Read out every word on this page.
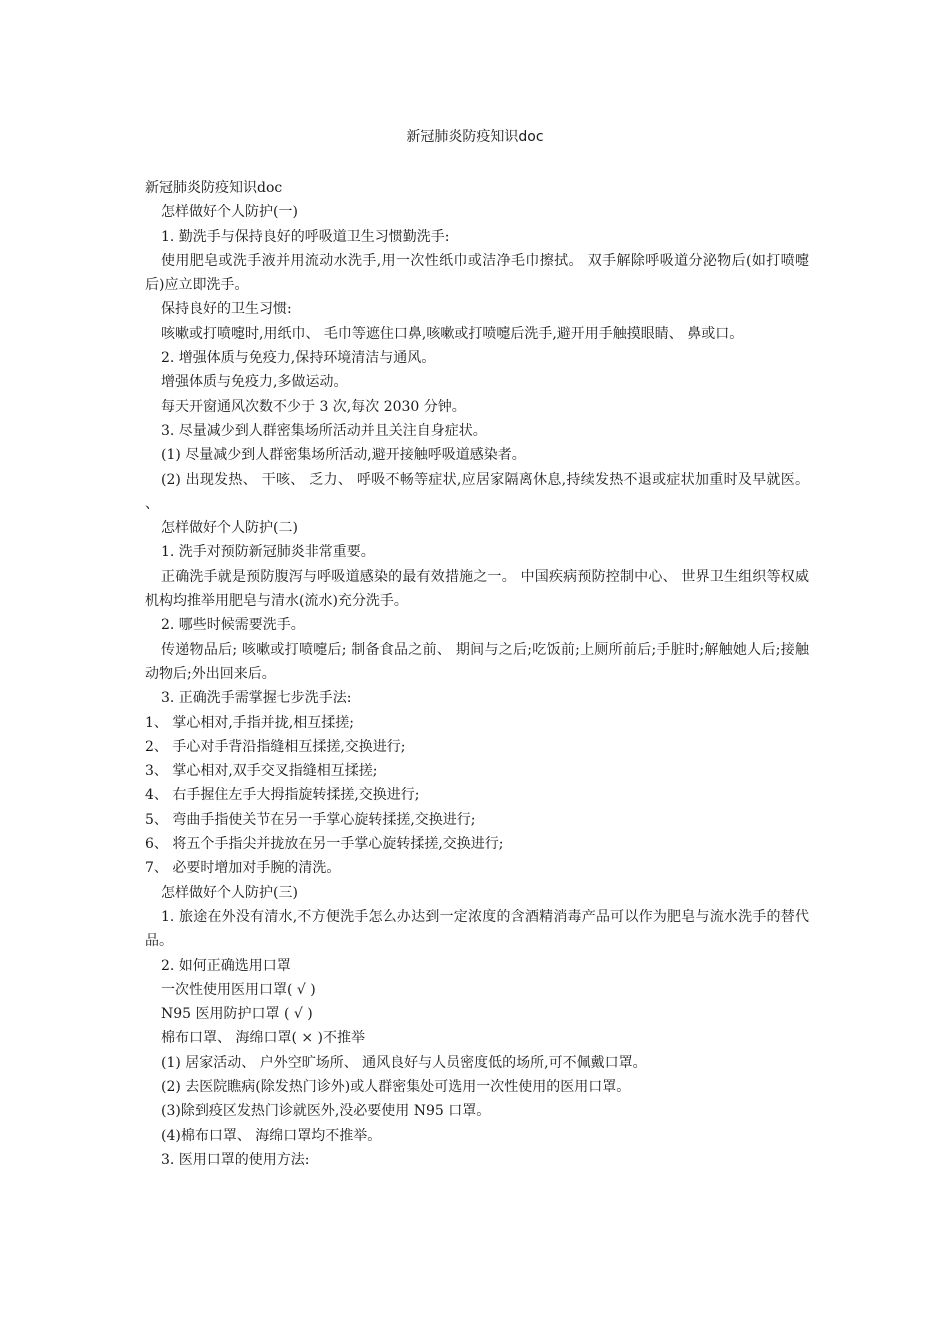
新冠肺炎防疫知识doc

新冠肺炎防疫知识doc

怎样做好个人防护(一)

1. 勤洗手与保持良好的呼吸道卫生习惯勤洗手:

使用肥皂或洗手液并用流动水洗手,用一次性纸巾或洁净毛巾擦拭。 双手解除呼吸道分泌物后(如打喷嚏后)应立即洗手。

保持良好的卫生习惯:

咳嗽或打喷嚏时,用纸巾、 毛巾等遮住口鼻,咳嗽或打喷嚏后洗手,避开用手触摸眼睛、 鼻或口。

2. 增强体质与免疫力,保持环境清洁与通风。

增强体质与免疫力,多做运动。

每天开窗通风次数不少于 3 次,每次 2030 分钟。

3. 尽量减少到人群密集场所活动并且关注自身症状。

(1) 尽量减少到人群密集场所活动,避开接触呼吸道感染者。

(2) 出现发热、 干咳、 乏力、 呼吸不畅等症状,应居家隔离休息,持续发热不退或症状加重时及早就医。 、

怎样做好个人防护(二)

1. 洗手对预防新冠肺炎非常重要。

正确洗手就是预防腹泻与呼吸道感染的最有效措施之一。 中国疾病预防控制中心、 世界卫生组织等权威机构均推举用肥皂与清水(流水)充分洗手。

2. 哪些时候需要洗手。

传递物品后; 咳嗽或打喷嚏后; 制备食品之前、 期间与之后;吃饭前;上厕所前后;手脏时;解触她人后;接触动物后;外出回来后。

3. 正确洗手需掌握七步洗手法:

1、 掌心相对,手指并拢,相互揉搓;

2、 手心对手背沿指缝相互揉搓,交换进行;

3、 掌心相对,双手交叉指缝相互揉搓;

4、 右手握住左手大拇指旋转揉搓,交换进行;

5、 弯曲手指使关节在另一手掌心旋转揉搓,交换进行;

6、 将五个手指尖并拢放在另一手掌心旋转揉搓,交换进行;

7、 必要时增加对手腕的清洗。

怎样做好个人防护(三)

1. 旅途在外没有清水,不方便洗手怎么办达到一定浓度的含酒精消毒产品可以作为肥皂与流水洗手的替代品。

2. 如何正确选用口罩

一次性使用医用口罩( √ )

N95 医用防护口罩 ( √ )

棉布口罩、 海绵口罩( × )不推举

(1) 居家活动、 户外空旷场所、 通风良好与人员密度低的场所,可不佩戴口罩。

(2) 去医院瞧病(除发热门诊外)或人群密集处可选用一次性使用的医用口罩。

(3)除到疫区发热门诊就医外,没必要使用 N95 口罩。

(4)棉布口罩、 海绵口罩均不推举。

3. 医用口罩的使用方法:
